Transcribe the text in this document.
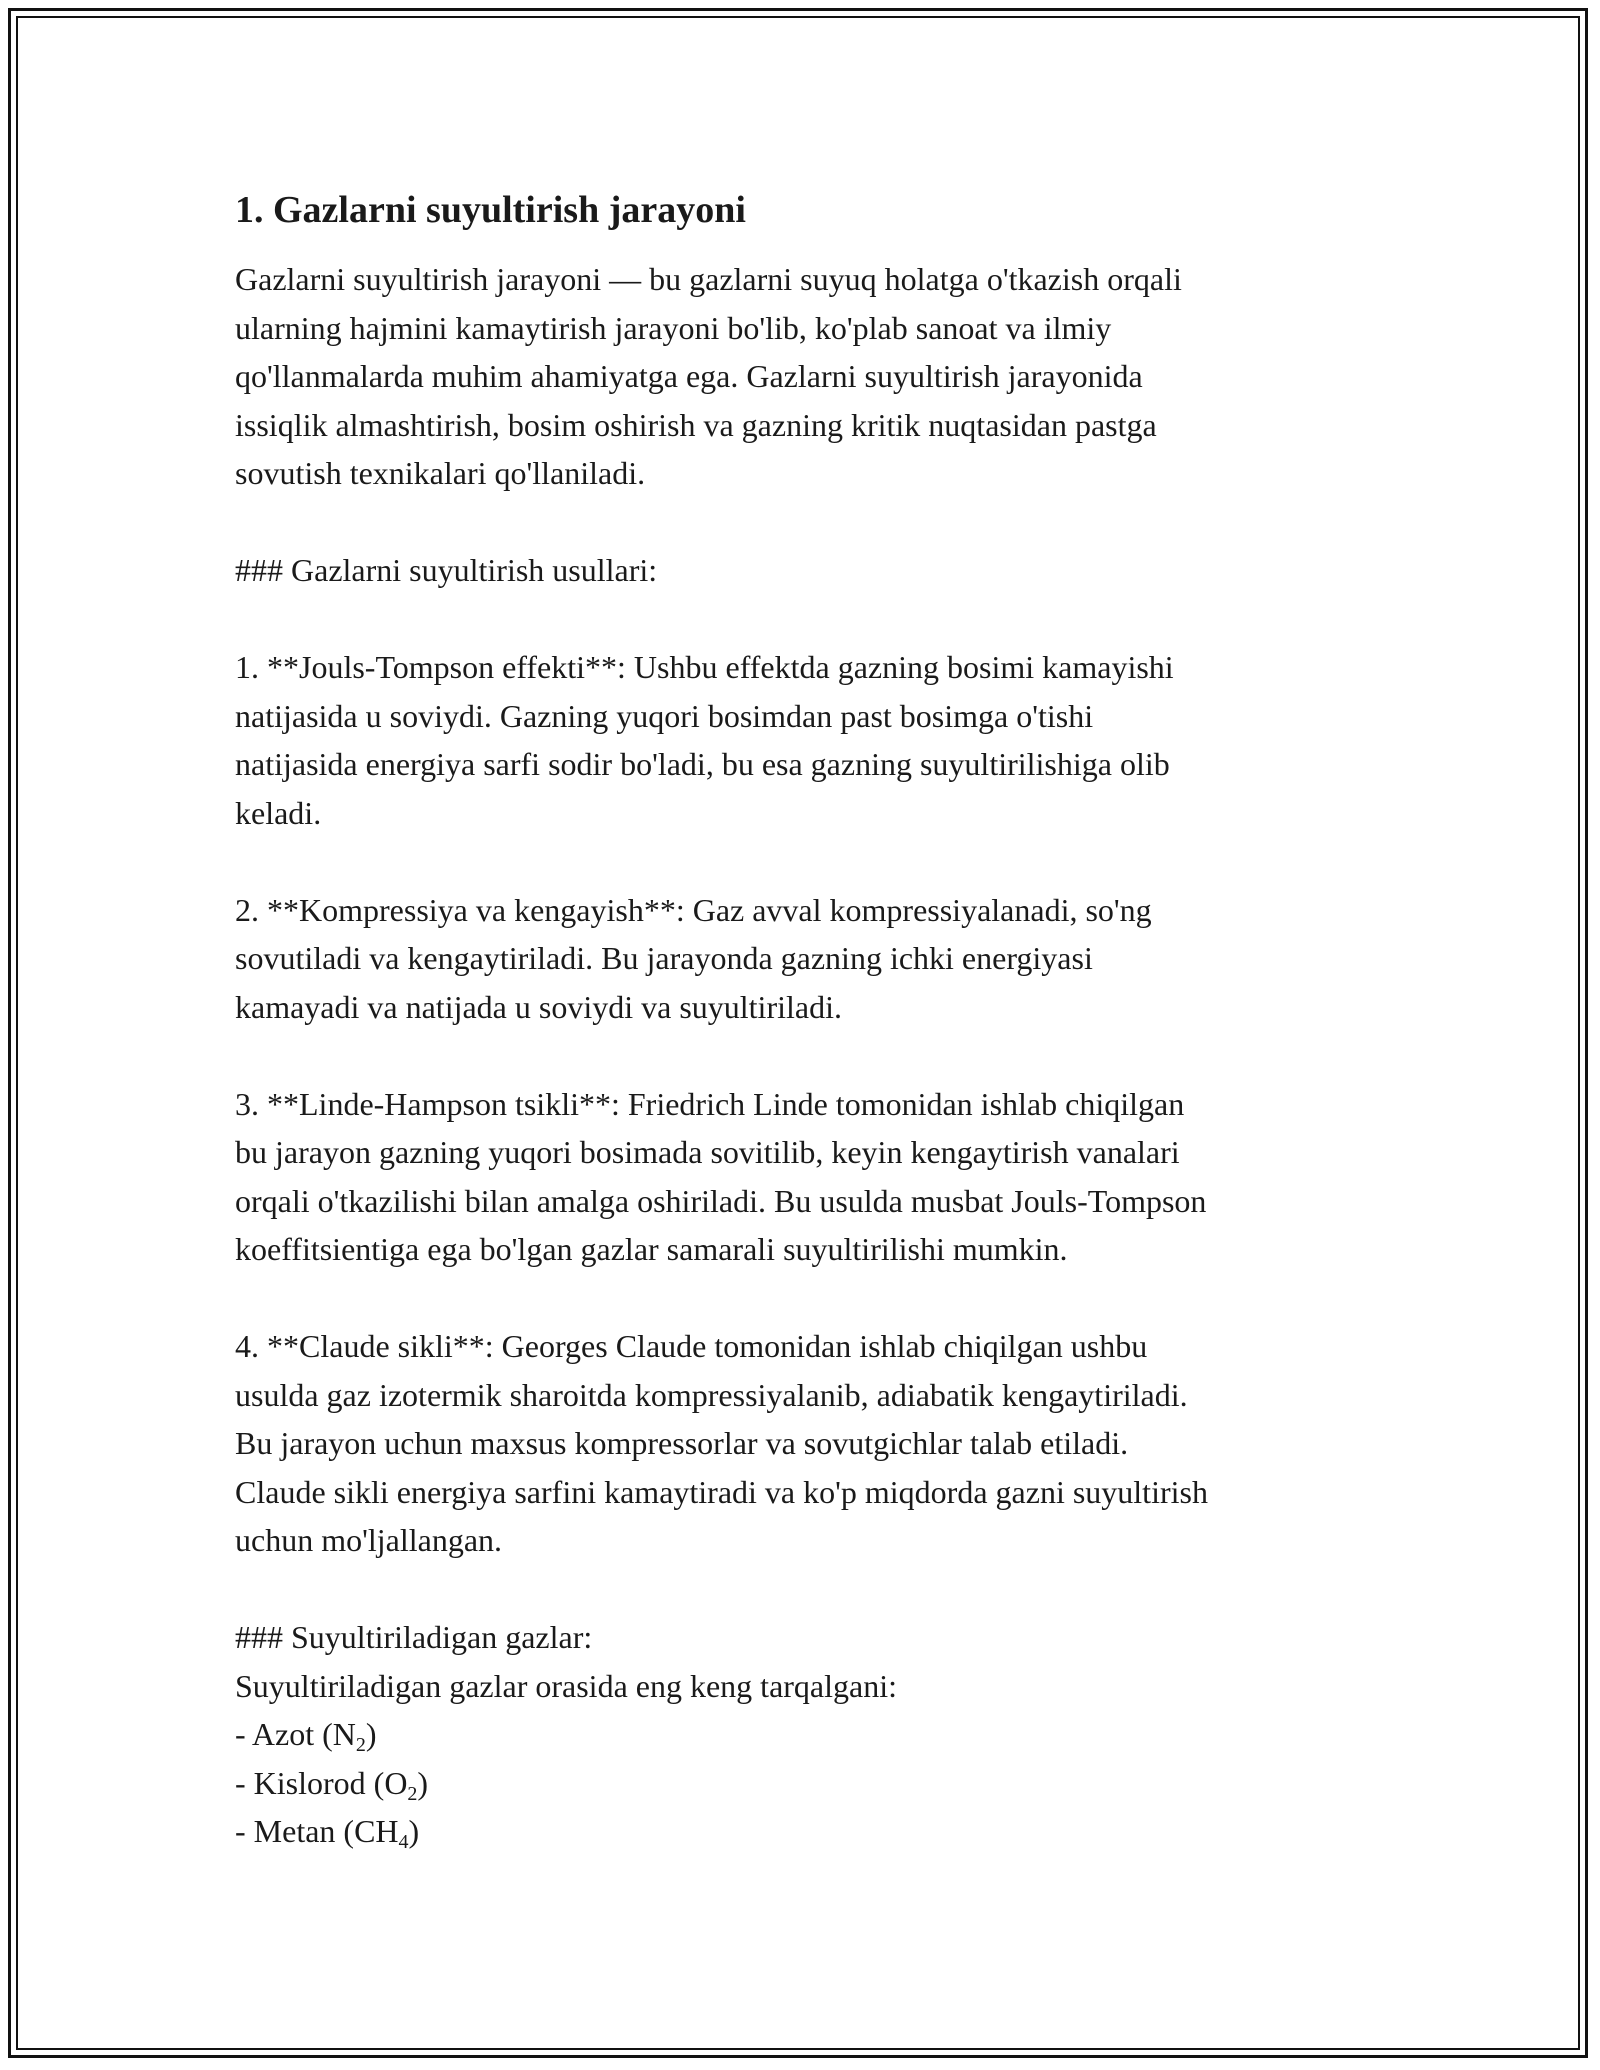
1. Gazlarni suyultirish jarayoni

Gazlarni suyultirish jarayoni — bu gazlarni suyuq holatga o'tkazish orqali
ularning hajmini kamaytirish jarayoni bo'lib, ko'plab sanoat va ilmiy
qo'llanmalarda muhim ahamiyatga ega. Gazlarni suyultirish jarayonida
issiqlik almashtirish, bosim oshirish va gazning kritik nuqtasidan pastga
sovutish texnikalari qo'llaniladi.

### Gazlarni suyultirish usullari:

1. **Jouls-Tompson effekti**: Ushbu effektda gazning bosimi kamayishi
natijasida u soviydi. Gazning yuqori bosimdan past bosimga o'tishi
natijasida energiya sarfi sodir bo'ladi, bu esa gazning suyultirilishiga olib
keladi.

2. **Kompressiya va kengayish**: Gaz avval kompressiyalanadi, so'ng
sovutiladi va kengaytiriladi. Bu jarayonda gazning ichki energiyasi
kamayadi va natijada u soviydi va suyultiriladi.

3. **Linde-Hampson tsikli**: Friedrich Linde tomonidan ishlab chiqilgan
bu jarayon gazning yuqori bosimada sovitilib, keyin kengaytirish vanalari
orqali o'tkazilishi bilan amalga oshiriladi. Bu usulda musbat Jouls-Tompson
koeffitsientiga ega bo'lgan gazlar samarali suyultirilishi mumkin.

4. **Claude sikli**: Georges Claude tomonidan ishlab chiqilgan ushbu
usulda gaz izotermik sharoitda kompressiyalanib, adiabatik kengaytiriladi.
Bu jarayon uchun maxsus kompressorlar va sovutgichlar talab etiladi.
Claude sikli energiya sarfini kamaytiradi va ko'p miqdorda gazni suyultirish
uchun mo'ljallangan.

### Suyultiriladigan gazlar:
Suyultiriladigan gazlar orasida eng keng tarqalgani:
- Azot $(N_2)$
- Kislorod $(O_2)$
- Metan $(CH_4)$
